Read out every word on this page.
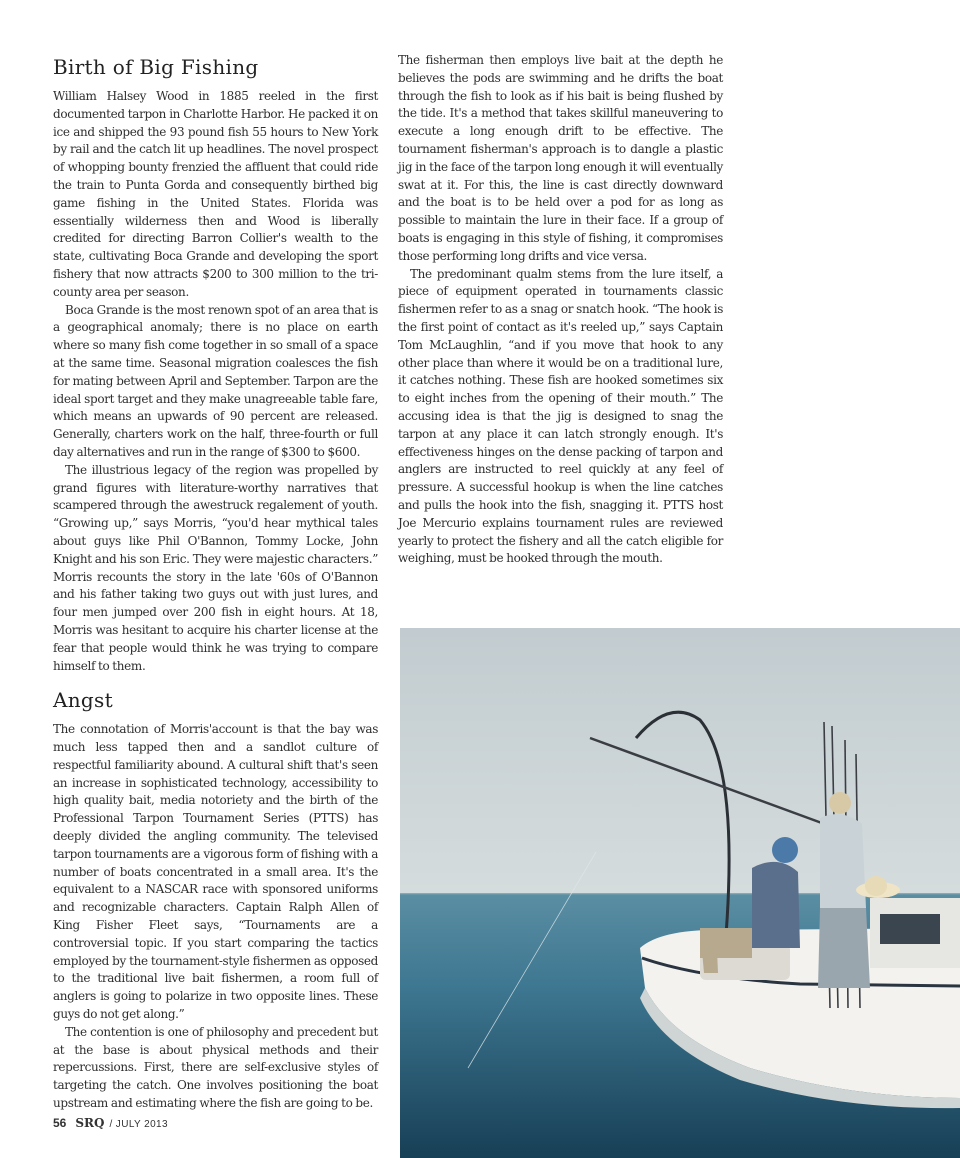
Birth of Big Fishing

William Halsey Wood in 1885 reeled in the first documented tarpon in Charlotte Harbor. He packed it on ice and shipped the 93 pound fish 55 hours to New York by rail and the catch lit up headlines. The novel prospect of whopping bounty frenzied the affluent that could ride the train to Punta Gorda and consequently birthed big game fishing in the United States. Florida was essentially wilderness then and Wood is liberally credited for directing Barron Collier's wealth to the state, cultivating Boca Grande and developing the sport fishery that now attracts $200 to 300 million to the tri-county area per season.

Boca Grande is the most renown spot of an area that is a geographical anomaly; there is no place on earth where so many fish come together in so small of a space at the same time. Seasonal migration coalesces the fish for mating between April and September. Tarpon are the ideal sport target and they make unagreeable table fare, which means an upwards of 90 percent are released. Generally, charters work on the half, three-fourth or full day alternatives and run in the range of $300 to $600.

The illustrious legacy of the region was propelled by grand figures with literature-worthy narratives that scampered through the awestruck regalement of youth. “Growing up,” says Morris, “you'd hear mythical tales about guys like Phil O'Bannon, Tommy Locke, John Knight and his son Eric. They were majestic characters.” Morris recounts the story in the late '60s of O'Bannon and his father taking two guys out with just lures, and four men jumped over 200 fish in eight hours. At 18, Morris was hesitant to acquire his charter license at the fear that people would think he was trying to compare himself to them.

Angst

The connotation of Morris'account is that the bay was much less tapped then and a sandlot culture of respectful familiarity abound. A cultural shift that's seen an increase in sophisticated technology, accessibility to high quality bait, media notoriety and the birth of the Professional Tarpon Tournament Series (PTTS) has deeply divided the angling community. The televised tarpon tournaments are a vigorous form of fishing with a number of boats concentrated in a small area. It's the equivalent to a NASCAR race with sponsored uniforms and recognizable characters. Captain Ralph Allen of King Fisher Fleet says, “Tournaments are a controversial topic. If you start comparing the tactics employed by the tournament-style fishermen as opposed to the traditional live bait fishermen, a room full of anglers is going to polarize in two opposite lines. These guys do not get along.”

The contention is one of philosophy and precedent but at the base is about physical methods and their repercussions. First, there are self-exclusive styles of targeting the catch. One involves positioning the boat upstream and estimating where the fish are going to be.

The fisherman then employs live bait at the depth he believes the pods are swimming and he drifts the boat through the fish to look as if his bait is being flushed by the tide. It's a method that takes skillful maneuvering to execute a long enough drift to be effective. The tournament fisherman's approach is to dangle a plastic jig in the face of the tarpon long enough it will eventually swat at it. For this, the line is cast directly downward and the boat is to be held over a pod for as long as possible to maintain the lure in their face. If a group of boats is engaging in this style of fishing, it compromises those performing long drifts and vice versa.

The predominant qualm stems from the lure itself, a piece of equipment operated in tournaments classic fishermen refer to as a snag or snatch hook. “The hook is the first point of contact as it's reeled up,” says Captain Tom McLaughlin, “and if you move that hook to any other place than where it would be on a traditional lure, it catches nothing. These fish are hooked sometimes six to eight inches from the opening of their mouth.” The accusing idea is that the jig is designed to snag the tarpon at any place it can latch strongly enough. It's effectiveness hinges on the dense packing of tarpon and anglers are instructed to reel quickly at any feel of pressure. A successful hookup is when the line catches and pulls the hook into the fish, snagging it. PTTS host Joe Mercurio explains tournament rules are reviewed yearly to protect the fishery and all the catch eligible for weighing, must be hooked through the mouth.

56 SRQ / JULY 2013
